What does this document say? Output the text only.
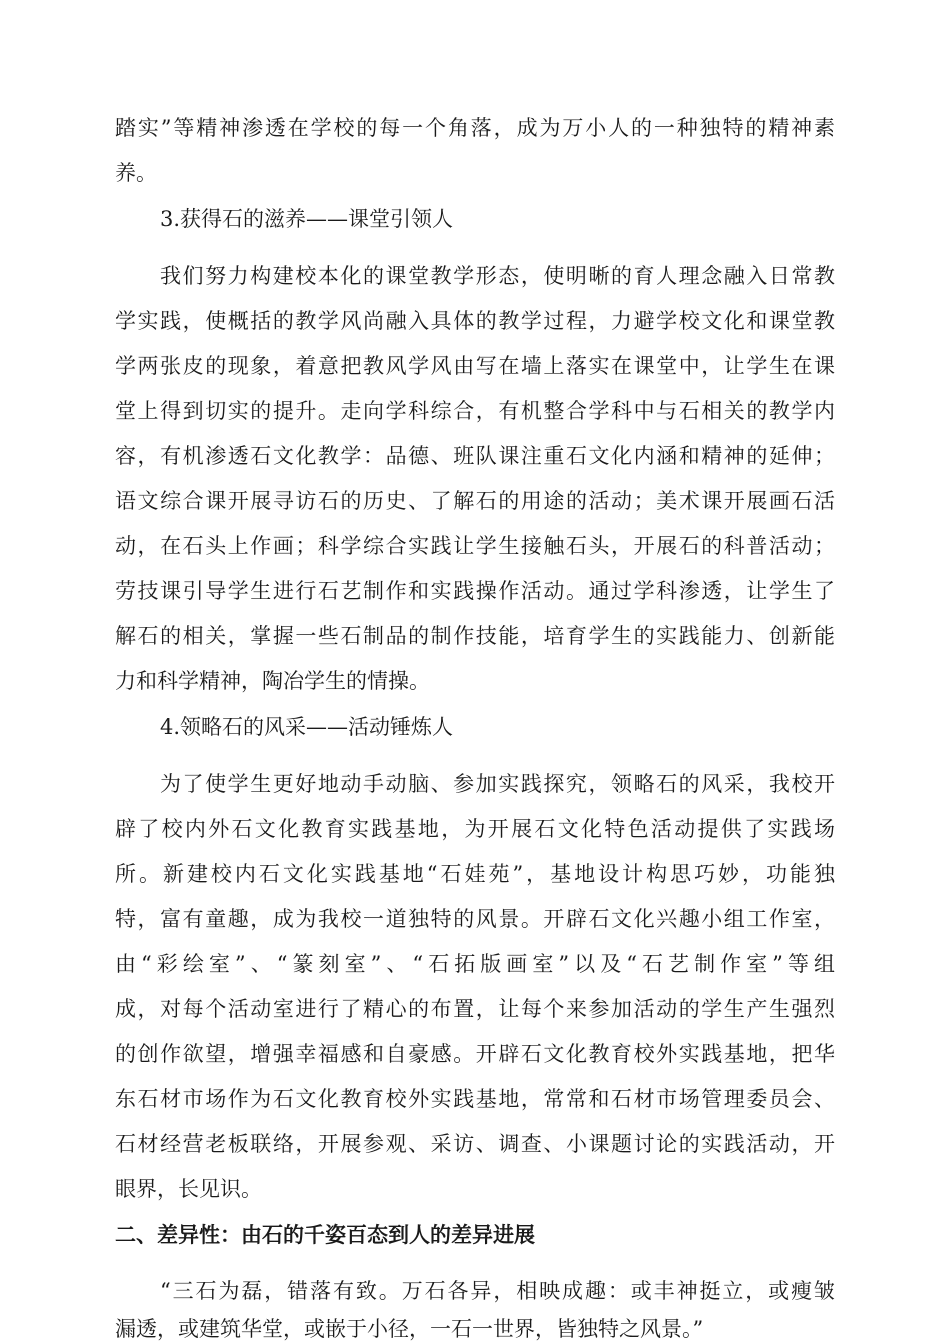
踏实”等精神渗透在学校的每一个角落，成为万小人的一种独特的精神素
养。
3.获得石的滋养——课堂引领人
我们努力构建校本化的课堂教学形态，使明晰的育人理念融入日常教
学实践，使概括的教学风尚融入具体的教学过程，力避学校文化和课堂教
学两张皮的现象，着意把教风学风由写在墙上落实在课堂中，让学生在课
堂上得到切实的提升。走向学科综合，有机整合学科中与石相关的教学内
容，有机渗透石文化教学：品德、班队课注重石文化内涵和精神的延伸；
语文综合课开展寻访石的历史、了解石的用途的活动；美术课开展画石活
动，在石头上作画；科学综合实践让学生接触石头，开展石的科普活动；
劳技课引导学生进行石艺制作和实践操作活动。通过学科渗透，让学生了
解石的相关，掌握一些石制品的制作技能，培育学生的实践能力、创新能
力和科学精神，陶冶学生的情操。
4.领略石的风采——活动锤炼人
为了使学生更好地动手动脑、参加实践探究，领略石的风采，我校开
辟了校内外石文化教育实践基地，为开展石文化特色活动提供了实践场
所。新建校内石文化实践基地“石娃苑”，基地设计构思巧妙，功能独
特，富有童趣，成为我校一道独特的风景。开辟石文化兴趣小组工作室，
由“彩绘室”、“篆刻室”、“石拓版画室”以及“石艺制作室”等组
成，对每个活动室进行了精心的布置，让每个来参加活动的学生产生强烈
的创作欲望，增强幸福感和自豪感。开辟石文化教育校外实践基地，把华
东石材市场作为石文化教育校外实践基地，常常和石材市场管理委员会、
石材经营老板联络，开展参观、采访、调查、小课题讨论的实践活动，开
眼界，长见识。
二、差异性：由石的千姿百态到人的差异进展
“三石为磊，错落有致。万石各异，相映成趣：或丰神挺立，或瘦皱
漏透，或建筑华堂，或嵌于小径，一石一世界，皆独特之风景。”
